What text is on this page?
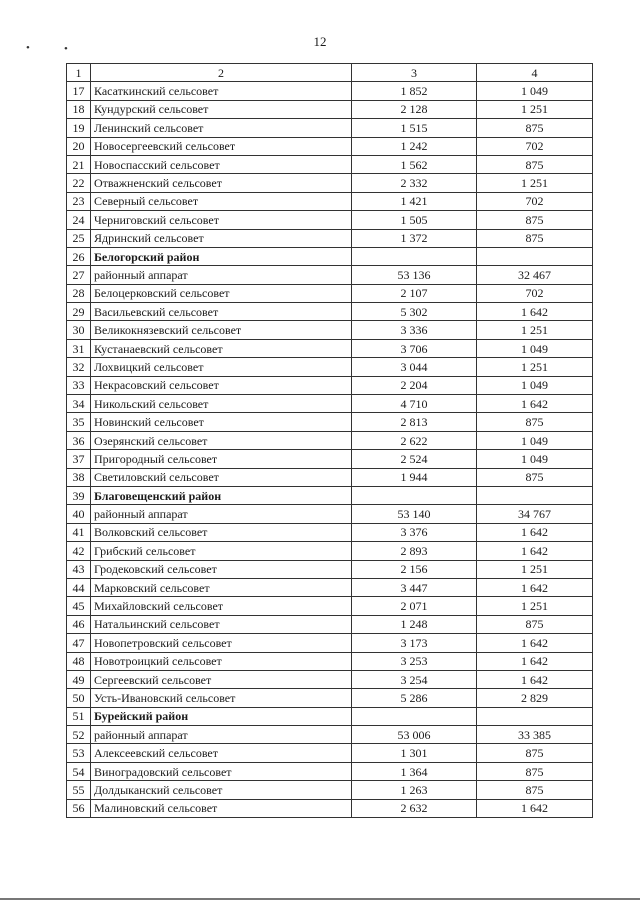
12
•	•
1	2	3	4
17	Касаткинский сельсовет	1 852	1 049
18	Кундурский сельсовет	2 128	1 251
19	Ленинский сельсовет	1 515	875
20	Новосергеевский сельсовет	1 242	702
21	Новоспасский сельсовет	1 562	875
22	Отважненский сельсовет	2 332	1 251
23	Северный сельсовет	1 421	702
24	Черниговский сельсовет	1 505	875
25	Ядринский сельсовет	1 372	875
26	Белогорский район		
27	районный аппарат	53 136	32 467
28	Белоцерковский сельсовет	2 107	702
29	Васильевский сельсовет	5 302	1 642
30	Великокнязевский сельсовет	3 336	1 251
31	Кустанаевский сельсовет	3 706	1 049
32	Лохвицкий сельсовет	3 044	1 251
33	Некрасовский сельсовет	2 204	1 049
34	Никольский сельсовет	4 710	1 642
35	Новинский сельсовет	2 813	875
36	Озерянский сельсовет	2 622	1 049
37	Пригородный сельсовет	2 524	1 049
38	Светиловский сельсовет	1 944	875
39	Благовещенский район		
40	районный аппарат	53 140	34 767
41	Волковский сельсовет	3 376	1 642
42	Грибский сельсовет	2 893	1 642
43	Гродековский сельсовет	2 156	1 251
44	Марковский сельсовет	3 447	1 642
45	Михайловский сельсовет	2 071	1 251
46	Натальинский сельсовет	1 248	875
47	Новопетровский сельсовет	3 173	1 642
48	Новотроицкий сельсовет	3 253	1 642
49	Сергеевский сельсовет	3 254	1 642
50	Усть-Ивановский сельсовет	5 286	2 829
51	Бурейский район		
52	районный аппарат	53 006	33 385
53	Алексеевский сельсовет	1 301	875
54	Виноградовский сельсовет	1 364	875
55	Долдыканский сельсовет	1 263	875
56	Малиновский сельсовет	2 632	1 642
